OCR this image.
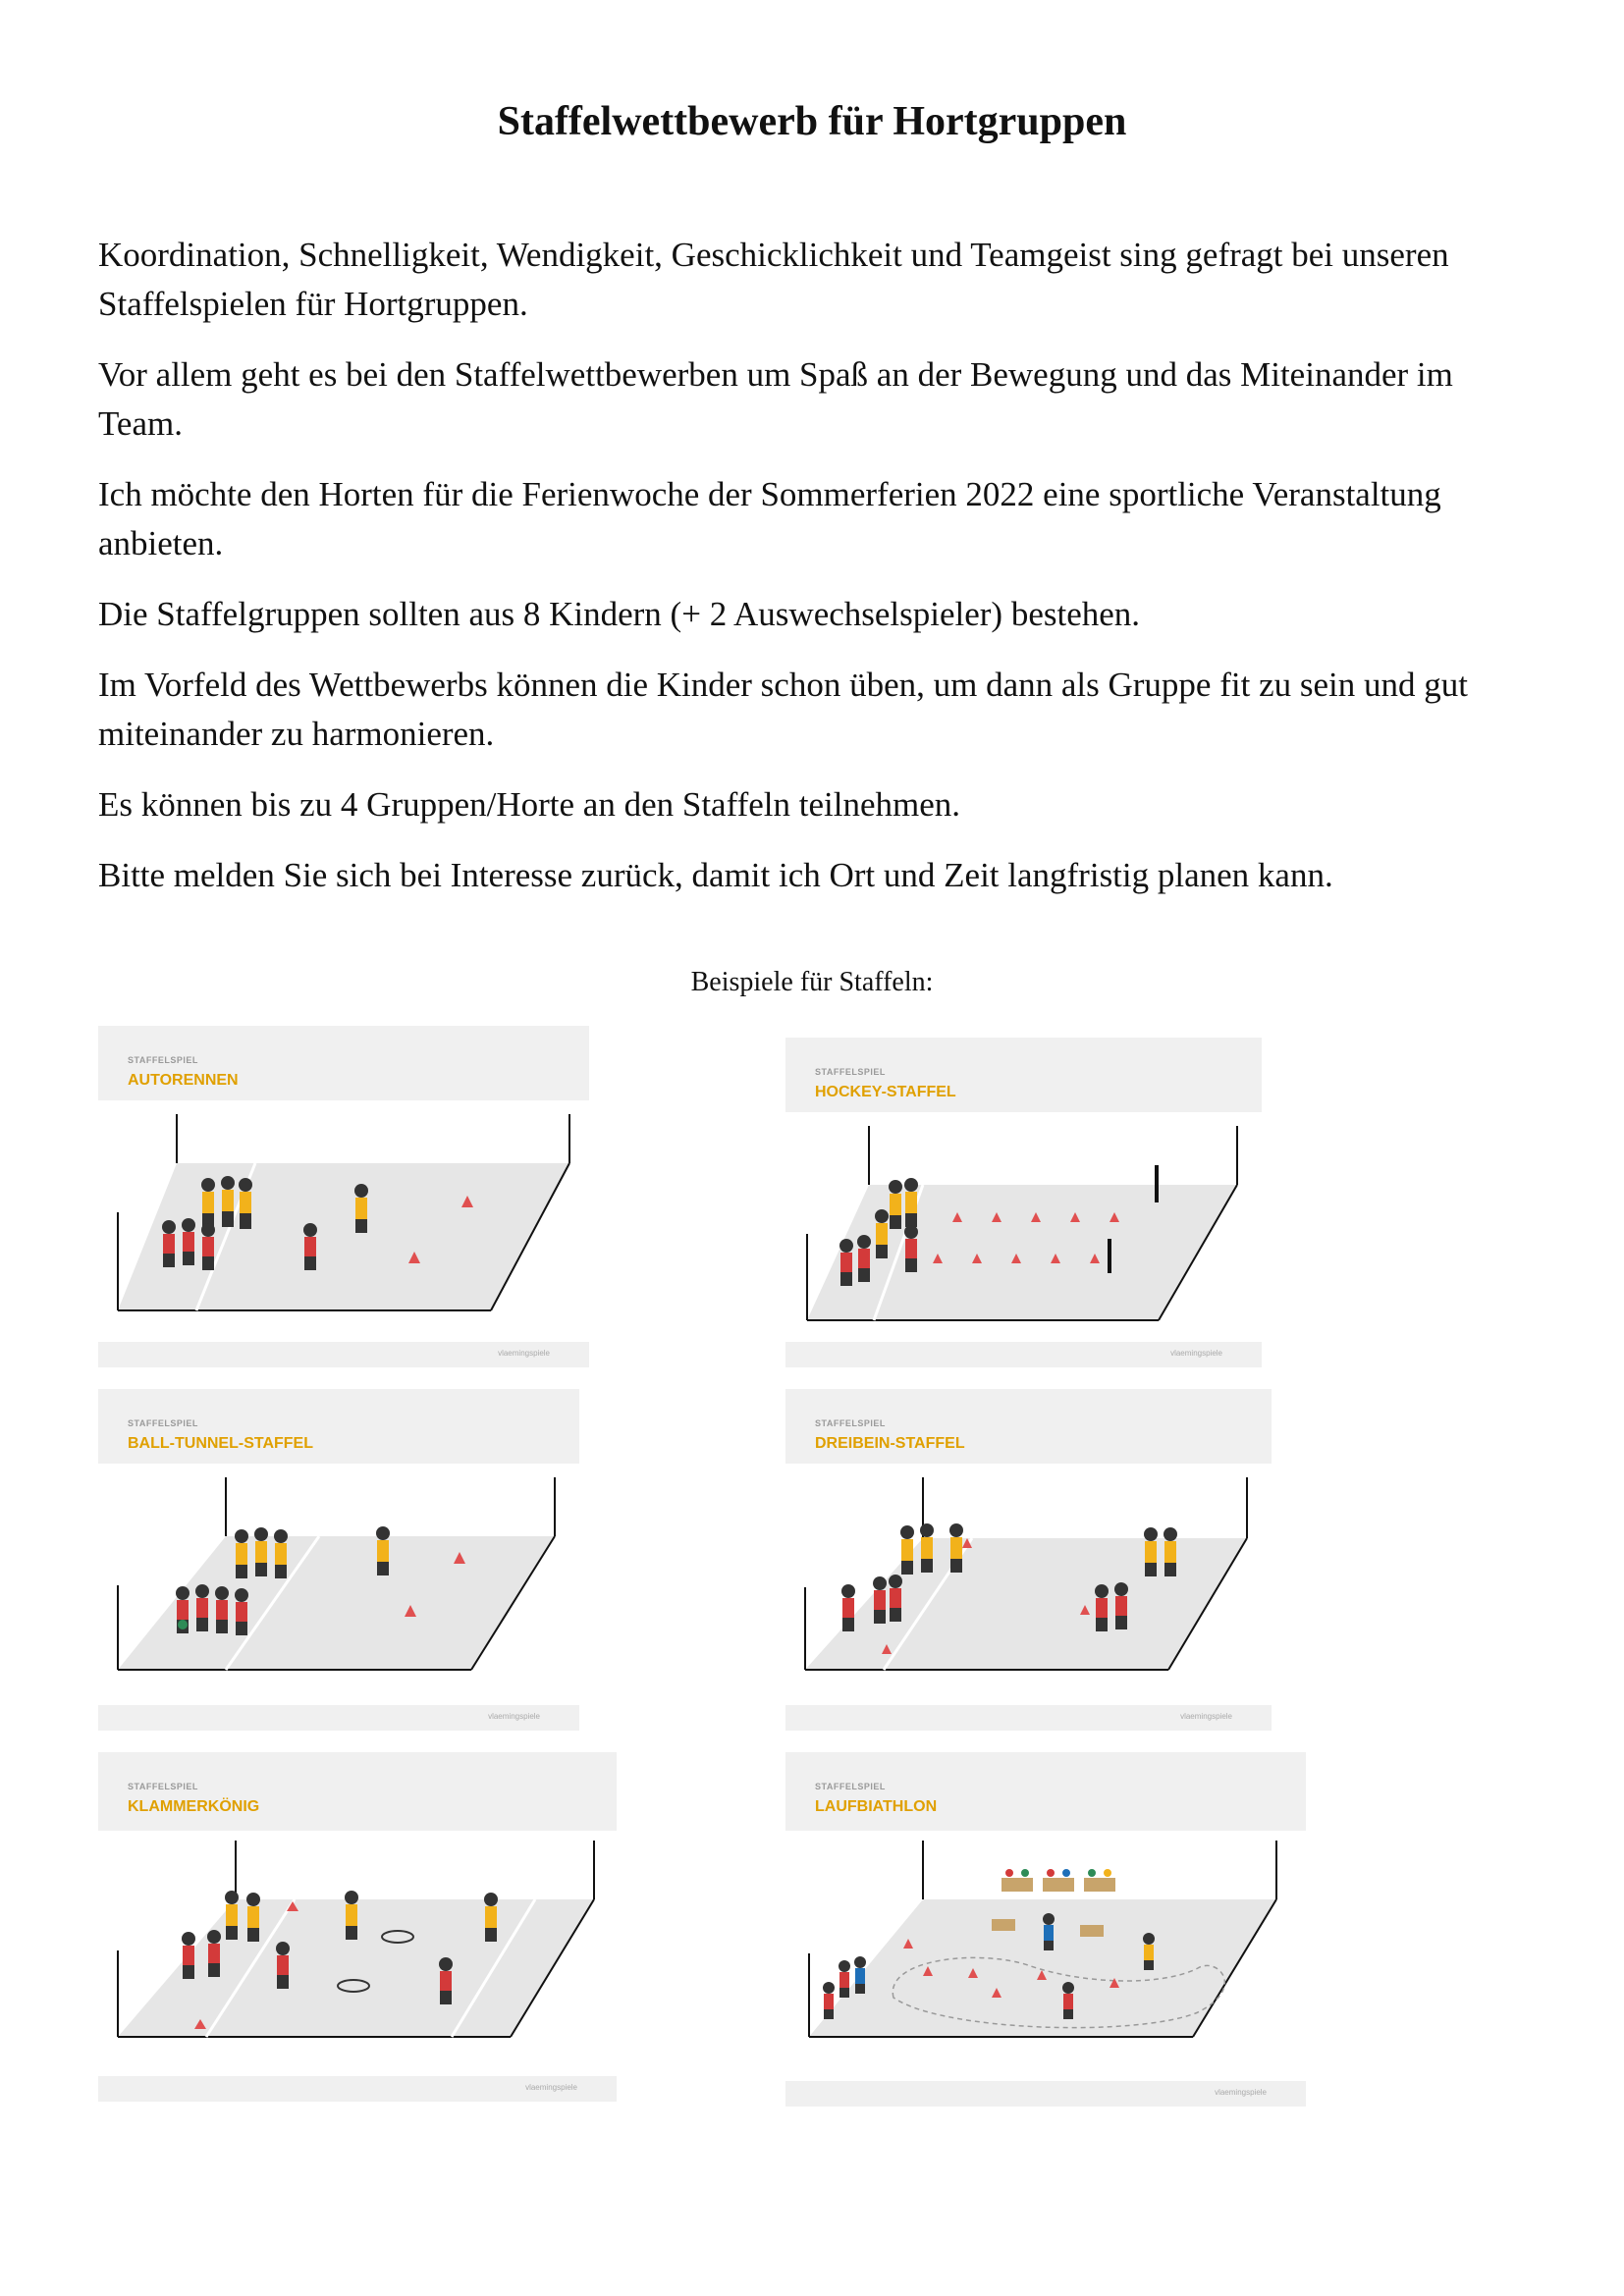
Staffelwettbewerb für Hortgruppen

Koordination, Schnelligkeit, Wendigkeit, Geschicklichkeit und Teamgeist sing gefragt bei unseren Staffelspielen für Hortgruppen.

Vor allem geht es bei den Staffelwettbewerben um Spaß an der Bewegung und das Miteinander im Team.

Ich möchte den Horten für die Ferienwoche der Sommerferien 2022 eine sportliche Veranstaltung anbieten.

Die Staffelgruppen sollten aus 8 Kindern (+ 2 Auswechselspieler) bestehen.

Im Vorfeld des Wettbewerbs können die Kinder schon üben, um dann als Gruppe fit zu sein und gut miteinander zu harmonieren.

Es können bis zu 4 Gruppen/Horte an den Staffeln teilnehmen.

Bitte melden Sie sich bei Interesse zurück, damit ich Ort und Zeit langfristig planen kann.

Beispiele für Staffeln:
STAFFELSPIEL
AUTORENNEN
vlaemingspiele
STAFFELSPIEL
HOCKEY-STAFFEL
vlaemingspiele
STAFFELSPIEL
BALL-TUNNEL-STAFFEL
vlaemingspiele
STAFFELSPIEL
DREIBEIN-STAFFEL
vlaemingspiele
STAFFELSPIEL
KLAMMERKÖNIG
vlaemingspiele
STAFFELSPIEL
LAUFBIATHLON
vlaemingspiele
